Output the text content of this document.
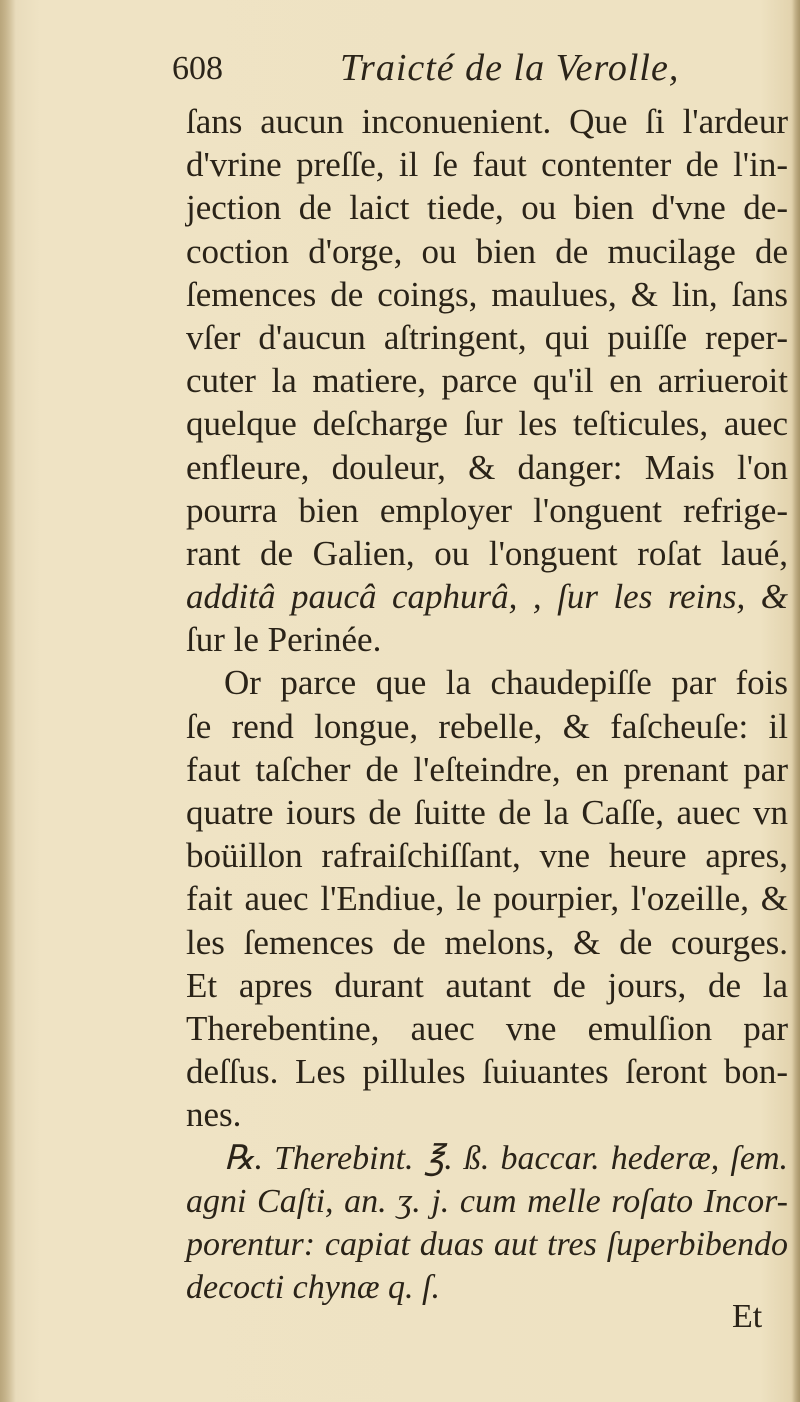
608	Traicté de la Verolle,
ſans aucun inconuenient. Que ſi l'ardeur
d'vrine preſſe, il ſe faut contenter de l'in-
jection de laict tiede, ou bien d'vne de-
coction d'orge, ou bien de mucilage de
ſemences de coings, maulues, & lin, ſans
vſer d'aucun aſtringent, qui puiſſe reper-
cuter la matiere, parce qu'il en arriueroit
quelque deſcharge ſur les teſticules, auec
enfleure, douleur, & danger: Mais l'on
pourra bien employer l'onguent refrige-
rant de Galien, ou l'onguent roſat laué,
additâ paucâ caphurâ, , ſur les reins, &
ſur le Perinée.
Or parce que la chaudepiſſe par fois
ſe rend longue, rebelle, & faſcheuſe: il
faut taſcher de l'eſteindre, en prenant par
quatre iours de ſuitte de la Caſſe, auec vn
boüillon rafraiſchiſſant, vne heure apres,
fait auec l'Endiue, le pourpier, l'ozeille, &
les ſemences de melons, & de courges.
Et apres durant autant de jours, de la
Therebentine, auec vne emulſion par
deſſus. Les pillules ſuiuantes ſeront bon-
nes.
℞. Therebint. ℥. ß. baccar. hederæ, ſem.
agni Caſti, an. ʒ. j. cum melle roſato Incor-
porentur: capiat duas aut tres ſuperbibendo
decocti chynæ q. ſ.
Et
